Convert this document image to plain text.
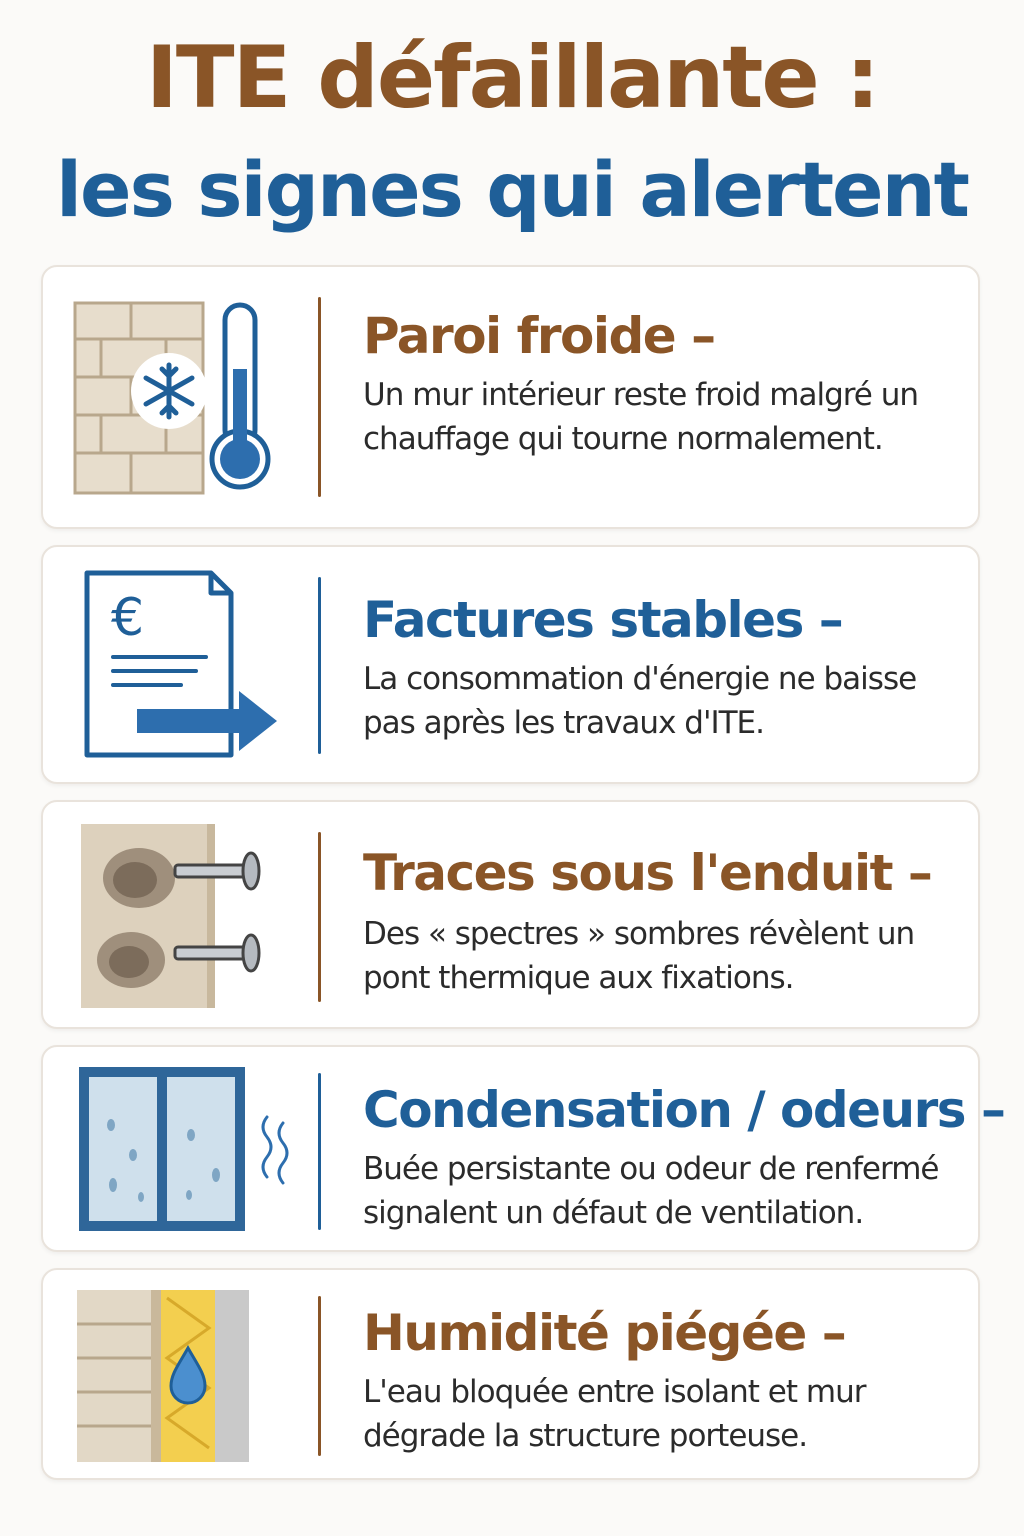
ITE défaillante :
les signes qui alertent
Paroi froide –
Un mur intérieur reste froid malgré un chauffage qui tourne normalement.
€	Factures stables –
La consommation d'énergie ne baisse pas après les travaux d'ITE.
Traces sous l'enduit –
Des « spectres » sombres révèlent un pont thermique aux fixations.
Condensation / odeurs –
Buée persistante ou odeur de renfermé signalent un défaut de ventilation.
Humidité piégée –
L'eau bloquée entre isolant et mur dégrade la structure porteuse.
